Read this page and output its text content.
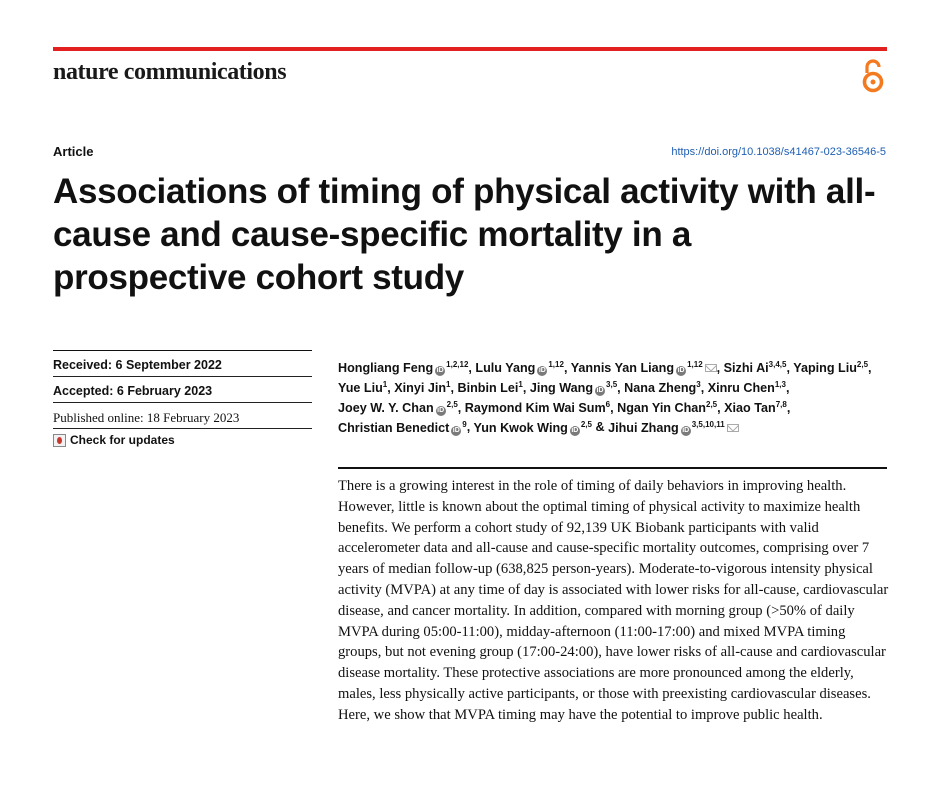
nature communications
Article	https://doi.org/10.1038/s41467-023-36546-5
Associations of timing of physical activity with all-cause and cause-specific mortality in a prospective cohort study
Received: 6 September 2022
Accepted: 6 February 2023
Published online: 18 February 2023
Check for updates
Hongliang Feng iD$^{1,2,12}$, Lulu Yang iD$^{1,12}$, Yannis Yan Liang iD$^{1,12}$ , Sizhi Ai$^{3,4,5}$, Yaping Liu$^{2,5}$, Yue Liu$^1$, Xinyi Jin$^1$, Binbin Lei$^1$, Jing Wang iD$^{3,5}$, Nana Zheng$^3$, Xinru Chen$^{1,3}$, Joey W. Y. Chan iD$^{2,5}$, Raymond Kim Wai Sum$^6$, Ngan Yin Chan$^{2,5}$, Xiao Tan$^{7,8}$, Christian Benedict $iD^9$, Yun Kwok Wing iD$^{2,5}$ & Jihui Zhang iD$^{3,5,10,11}$

There is a growing interest in the role of timing of daily behaviors in improving health. However, little is known about the optimal timing of physical activity to maximize health benefits. We perform a cohort study of 92,139 UK Biobank participants with valid accelerometer data and all-cause and cause-specific mortality outcomes, comprising over 7 years of median follow-up (638,825 person-years). Moderate-to-vigorous intensity physical activity (MVPA) at any time of day is associated with lower risks for all-cause, cardiovascular disease, and cancer mortality. In addition, compared with morning group (>50% of daily MVPA during 05:00-11:00), midday-afternoon (11:00-17:00) and mixed MVPA timing groups, but not evening group (17:00-24:00), have lower risks of all-cause and cardiovascular disease mortality. These protective associations are more pronounced among the elderly, males, less physically active participants, or those with preexisting cardiovascular diseases. Here, we show that MVPA timing may have the potential to improve public health.
